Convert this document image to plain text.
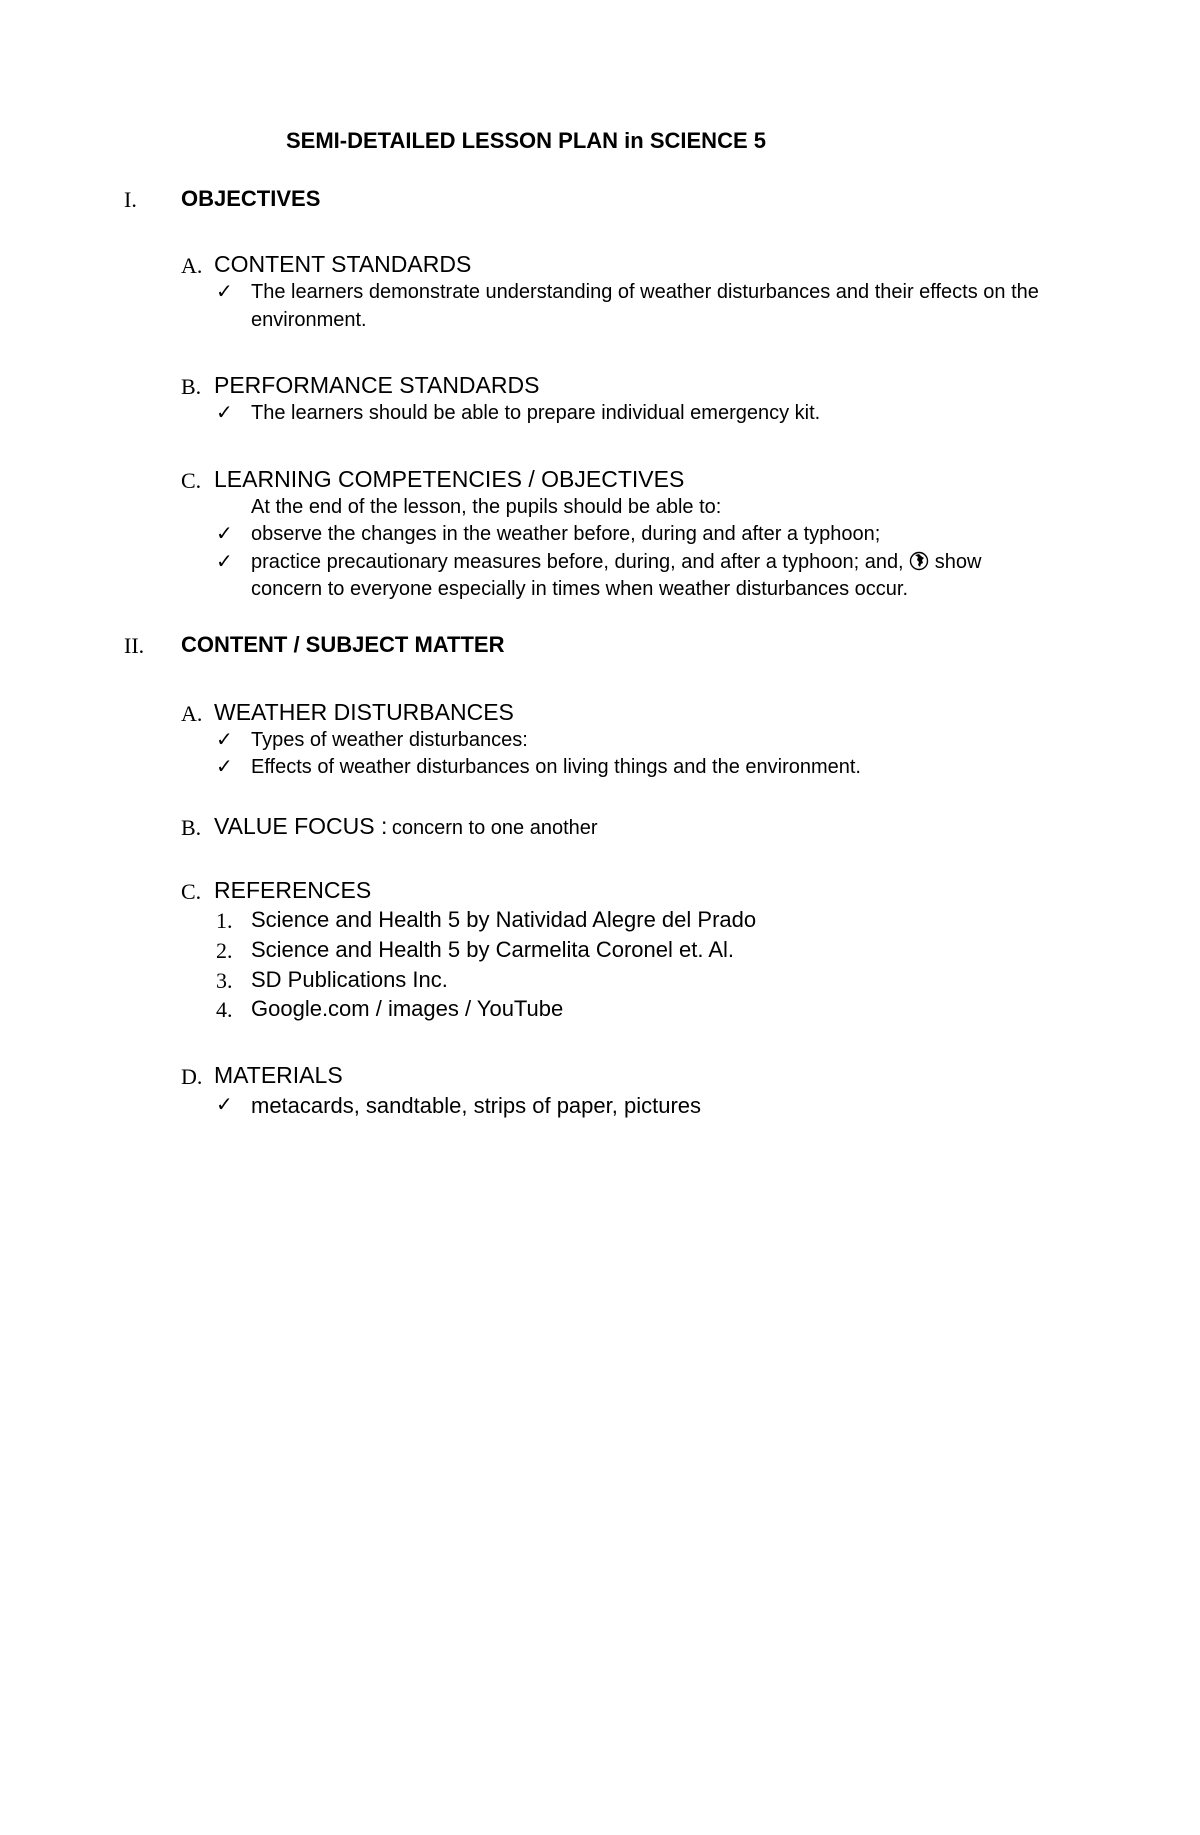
SEMI-DETAILED LESSON PLAN in SCIENCE 5
I. OBJECTIVES
A. CONTENT STANDARDS
✓ The learners demonstrate understanding of weather disturbances and their effects on the
environment.
B. PERFORMANCE STANDARDS
✓ The learners should be able to prepare individual emergency kit.
C. LEARNING COMPETENCIES / OBJECTIVES
At the end of the lesson, the pupils should be able to:
✓ observe the changes in the weather before, during and after a typhoon;
✓ practice precautionary measures before, during, and after a typhoon; and, show
concern to everyone especially in times when weather disturbances occur.
II. CONTENT / SUBJECT MATTER
A. WEATHER DISTURBANCES
✓ Types of weather disturbances:
✓ Effects of weather disturbances on living things and the environment.
B. VALUE FOCUS : concern to one another
C. REFERENCES
1. Science and Health 5 by Natividad Alegre del Prado
2. Science and Health 5 by Carmelita Coronel et. Al.
3. SD Publications Inc.
4. Google.com / images / YouTube
D. MATERIALS
✓ metacards, sandtable, strips of paper, pictures
